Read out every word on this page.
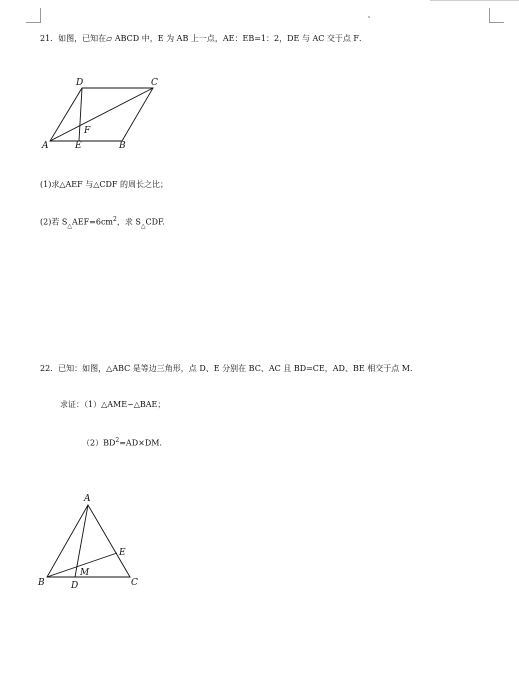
21．如图，已知在▱ ABCD 中，E 为 AB 上一点，AE：EB=1：2，DE 与 AC 交于点 F．
A	E	B
D	C
F
(1)求△AEF 与△CDF 的周长之比；
(2)若 $S_\triangle AEF=6cm^2$，求 $S_\triangle CDF$.
22．已知：如图，△ABC 是等边三角形，点 D、E 分别在 BC、AC 且 BD=CE，AD、BE 相交于点 M．
求证：（1）△AME∽△BAE；
$(2)BD^2=AD\times DM$．
A
B	C
D
E
M
